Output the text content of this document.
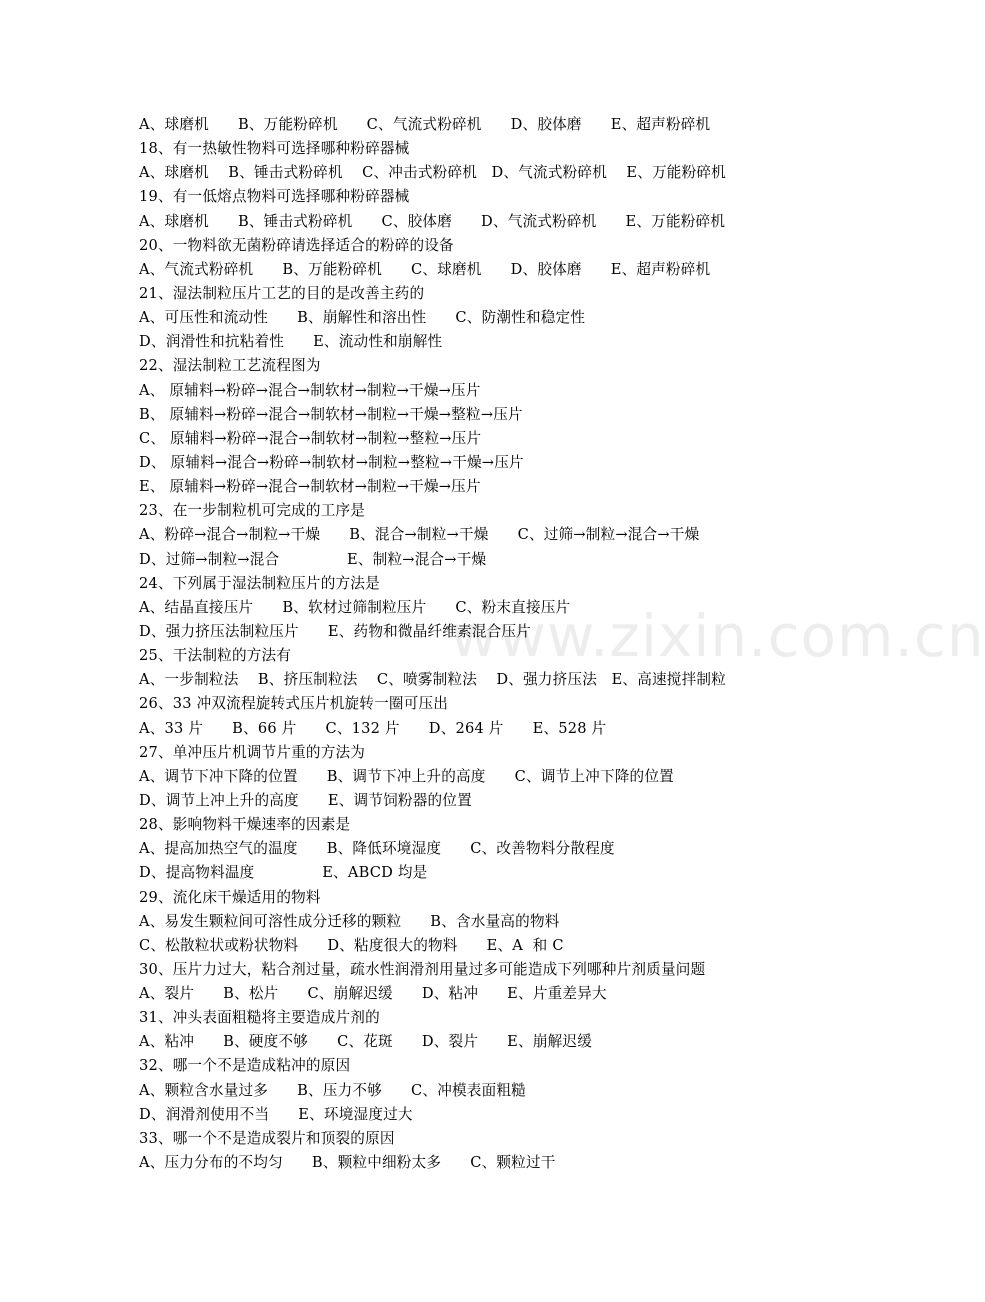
www.zixin.com.cn
A、球磨机      B、万能粉碎机      C、气流式粉碎机      D、胶体磨      E、超声粉碎机
18、有一热敏性物料可选择哪种粉碎器械
A、球磨机    B、锤击式粉碎机    C、冲击式粉碎机   D、气流式粉碎机    E、万能粉碎机
19、有一低熔点物料可选择哪种粉碎器械
A、球磨机      B、锤击式粉碎机      C、胶体磨      D、气流式粉碎机      E、万能粉碎机
20、一物料欲无菌粉碎请选择适合的粉碎的设备
A、气流式粉碎机      B、万能粉碎机      C、球磨机      D、胶体磨      E、超声粉碎机
21、湿法制粒压片工艺的目的是改善主药的
A、可压性和流动性      B、崩解性和溶出性      C、防潮性和稳定性
D、润滑性和抗粘着性      E、流动性和崩解性
22、湿法制粒工艺流程图为
A、 原辅料→粉碎→混合→制软材→制粒→干燥→压片
B、 原辅料→粉碎→混合→制软材→制粒→干燥→整粒→压片
C、 原辅料→粉碎→混合→制软材→制粒→整粒→压片
D、 原辅料→混合→粉碎→制软材→制粒→整粒→干燥→压片
E、 原辅料→粉碎→混合→制软材→制粒→干燥→压片
23、在一步制粒机可完成的工序是
A、粉碎→混合→制粒→干燥      B、混合→制粒→干燥      C、过筛→制粒→混合→干燥
D、过筛→制粒→混合              E、制粒→混合→干燥
24、下列属于湿法制粒压片的方法是
A、结晶直接压片      B、软材过筛制粒压片      C、粉末直接压片
D、强力挤压法制粒压片      E、药物和微晶纤维素混合压片
25、干法制粒的方法有
A、一步制粒法    B、挤压制粒法    C、喷雾制粒法    D、强力挤压法   E、高速搅拌制粒
26、33 冲双流程旋转式压片机旋转一圈可压出
A、33 片      B、66 片      C、132 片      D、264 片      E、528 片
27、单冲压片机调节片重的方法为
A、调节下冲下降的位置      B、调节下冲上升的高度      C、调节上冲下降的位置
D、调节上冲上升的高度      E、调节饲粉器的位置
28、影响物料干燥速率的因素是
A、提高加热空气的温度      B、降低环境湿度      C、改善物料分散程度
D、提高物料温度              E、ABCD 均是
29、流化床干燥适用的物料
A、易发生颗粒间可溶性成分迁移的颗粒      B、含水量高的物料
C、松散粒状或粉状物料      D、粘度很大的物料      E、A  和 C
30、压片力过大，粘合剂过量，疏水性润滑剂用量过多可能造成下列哪种片剂质量问题
A、裂片      B、松片      C、崩解迟缓      D、粘冲      E、片重差异大
31、冲头表面粗糙将主要造成片剂的
A、粘冲      B、硬度不够      C、花斑      D、裂片      E、崩解迟缓
32、哪一个不是造成粘冲的原因
A、颗粒含水量过多      B、压力不够      C、冲模表面粗糙
D、润滑剂使用不当      E、环境湿度过大
33、哪一个不是造成裂片和顶裂的原因
A、压力分布的不均匀      B、颗粒中细粉太多      C、颗粒过干
